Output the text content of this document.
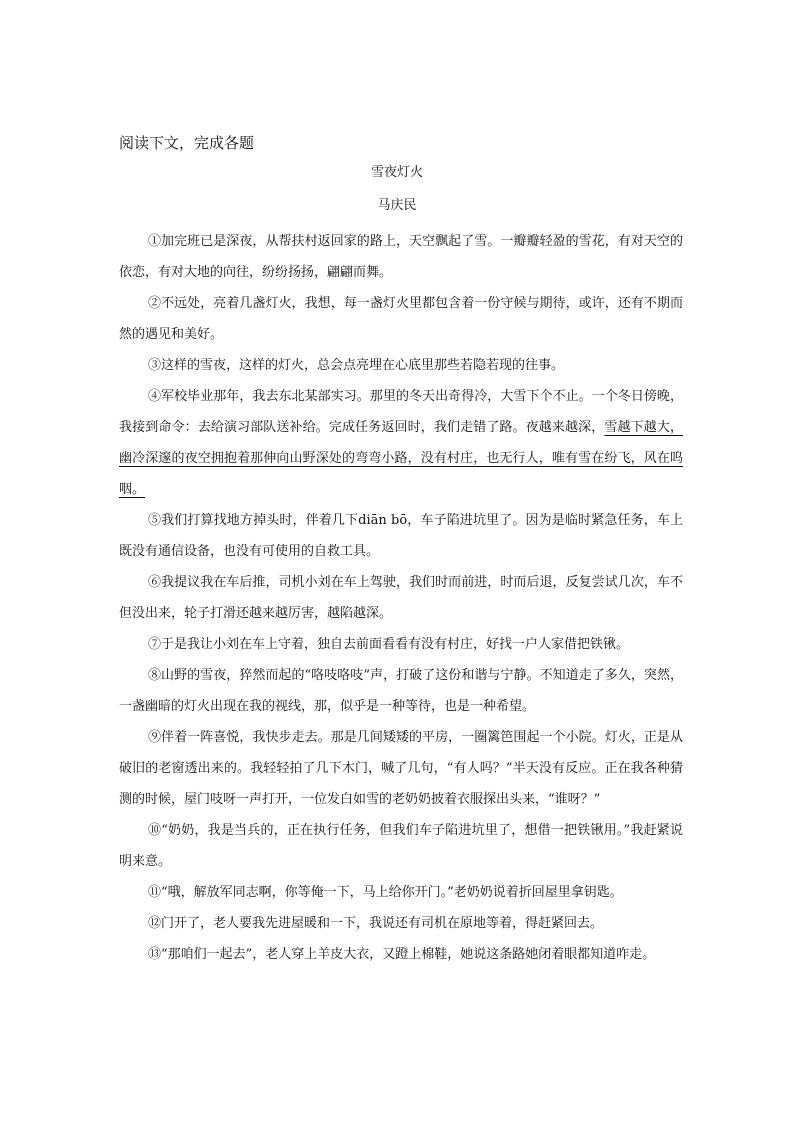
阅读下文，完成各题
雪夜灯火
马庆民

①加完班已是深夜，从帮扶村返回家的路上，天空飘起了雪。一瓣瓣轻盈的雪花，有对天空的依恋，有对大地的向往，纷纷扬扬，翩翩而舞。

②不远处，亮着几盏灯火，我想，每一盏灯火里都包含着一份守候与期待，或许，还有不期而然的遇见和美好。

③这样的雪夜，这样的灯火，总会点亮埋在心底里那些若隐若现的往事。

④军校毕业那年，我去东北某部实习。那里的冬天出奇得冷，大雪下个不止。一个冬日傍晚，我接到命令：去给演习部队送补给。完成任务返回时，我们走错了路。夜越来越深，雪越下越大，幽冷深邃的夜空拥抱着那伸向山野深处的弯弯小路，没有村庄，也无行人，唯有雪在纷飞，风在呜咽。

⑤我们打算找地方掉头时，伴着几下diān bō，车子陷进坑里了。因为是临时紧急任务，车上既没有通信设备，也没有可使用的自救工具。

⑥我提议我在车后推，司机小刘在车上驾驶，我们时而前进，时而后退，反复尝试几次，车不但没出来，轮子打滑还越来越厉害，越陷越深。

⑦于是我让小刘在车上守着，独自去前面看看有没有村庄，好找一户人家借把铁锹。

⑧山野的雪夜，猝然而起的“咯吱咯吱”声，打破了这份和谐与宁静。不知道走了多久，突然，一盏幽暗的灯火出现在我的视线，那，似乎是一种等待，也是一种希望。

⑨伴着一阵喜悦，我快步走去。那是几间矮矮的平房，一圈篱笆围起一个小院。灯火，正是从破旧的老窗透出来的。我轻轻拍了几下木门，喊了几句，“有人吗？”半天没有反应。正在我各种猜测的时候，屋门吱呀一声打开，一位发白如雪的老奶奶披着衣服探出头来，“谁呀？”

⑩“奶奶，我是当兵的，正在执行任务，但我们车子陷进坑里了，想借一把铁锹用。”我赶紧说明来意。

⑪“哦，解放军同志啊，你等俺一下，马上给你开门。”老奶奶说着折回屋里拿钥匙。

⑫门开了，老人要我先进屋暖和一下，我说还有司机在原地等着，得赶紧回去。

⑬“那咱们一起去”，老人穿上羊皮大衣，又蹬上棉鞋，她说这条路她闭着眼都知道咋走。
